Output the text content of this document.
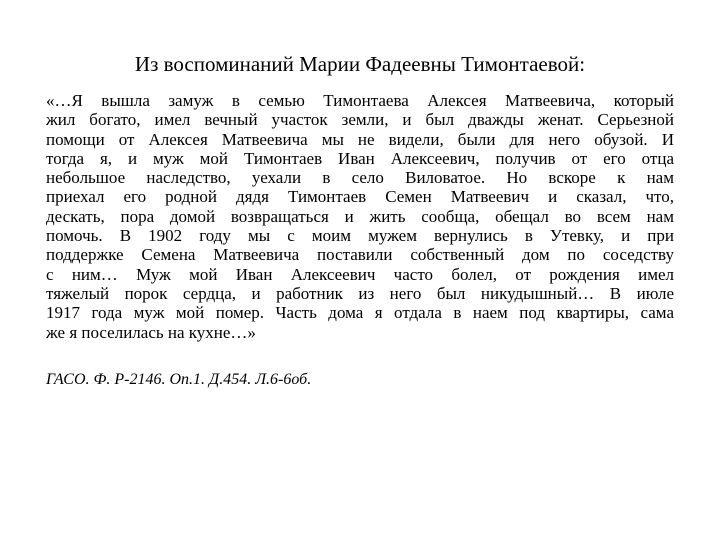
Из воспоминаний Марии Фадеевны Тимонтаевой:
«…Я вышла замуж в семью Тимонтаева Алексея Матвеевича, который
жил богато, имел вечный участок земли, и был дважды женат. Серьезной
помощи от Алексея Матвеевича мы не видели, были для него обузой. И
тогда я, и муж мой Тимонтаев Иван Алексеевич, получив от его отца
небольшое наследство, уехали в село Виловатое. Но вскоре к нам
приехал его родной дядя Тимонтаев Семен Матвеевич и сказал, что,
дескать, пора домой возвращаться и жить сообща, обещал во всем нам
помочь. В 1902 году мы с моим мужем вернулись в Утевку, и при
поддержке Семена Матвеевича поставили собственный дом по соседству
с ним… Муж мой Иван Алексеевич часто болел, от рождения имел
тяжелый порок сердца, и работник из него был никудышный… В июле
1917 года муж мой помер. Часть дома я отдала в наем под квартиры, сама
же я поселилась на кухне…»

ГАСО. Ф. Р-2146. Оп.1. Д.454. Л.6-6об.
